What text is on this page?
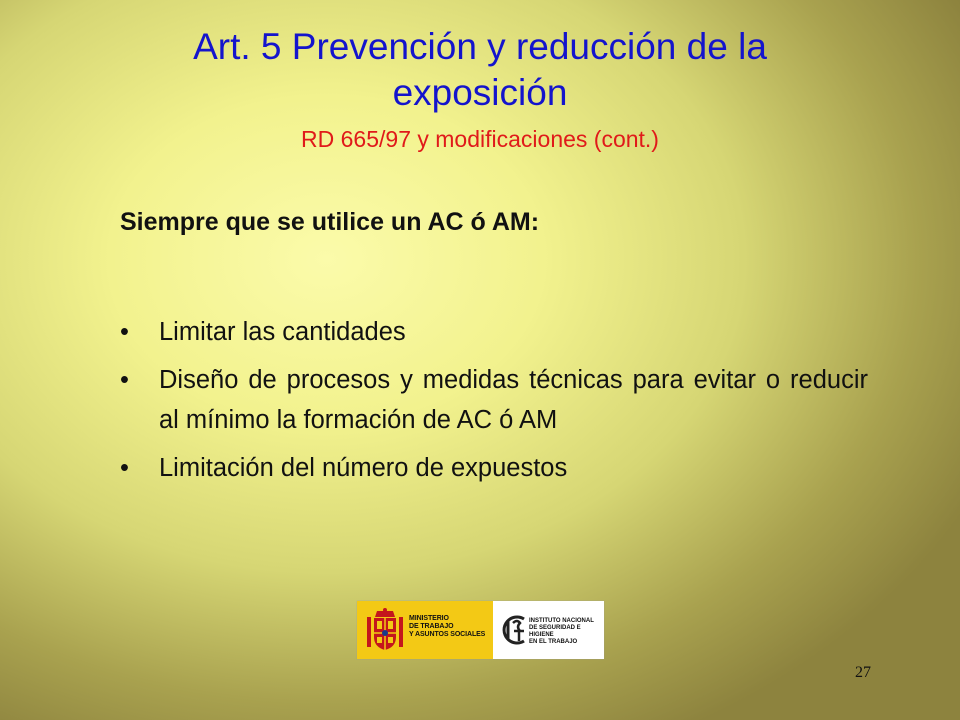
Art. 5 Prevención y reducción de la
exposición
RD 665/97 y modificaciones (cont.)
Siempre que se utilice un AC ó AM:
• Limitar las cantidades
• Diseño de procesos y medidas técnicas para evitar o reducir al mínimo la formación de AC ó AM
• Limitación del número de expuestos
MINISTERIO
DE TRABAJO
Y ASUNTOS SOCIALES
INSTITUTO NACIONAL
DE SEGURIDAD E HIGIENE
EN EL TRABAJO
27
